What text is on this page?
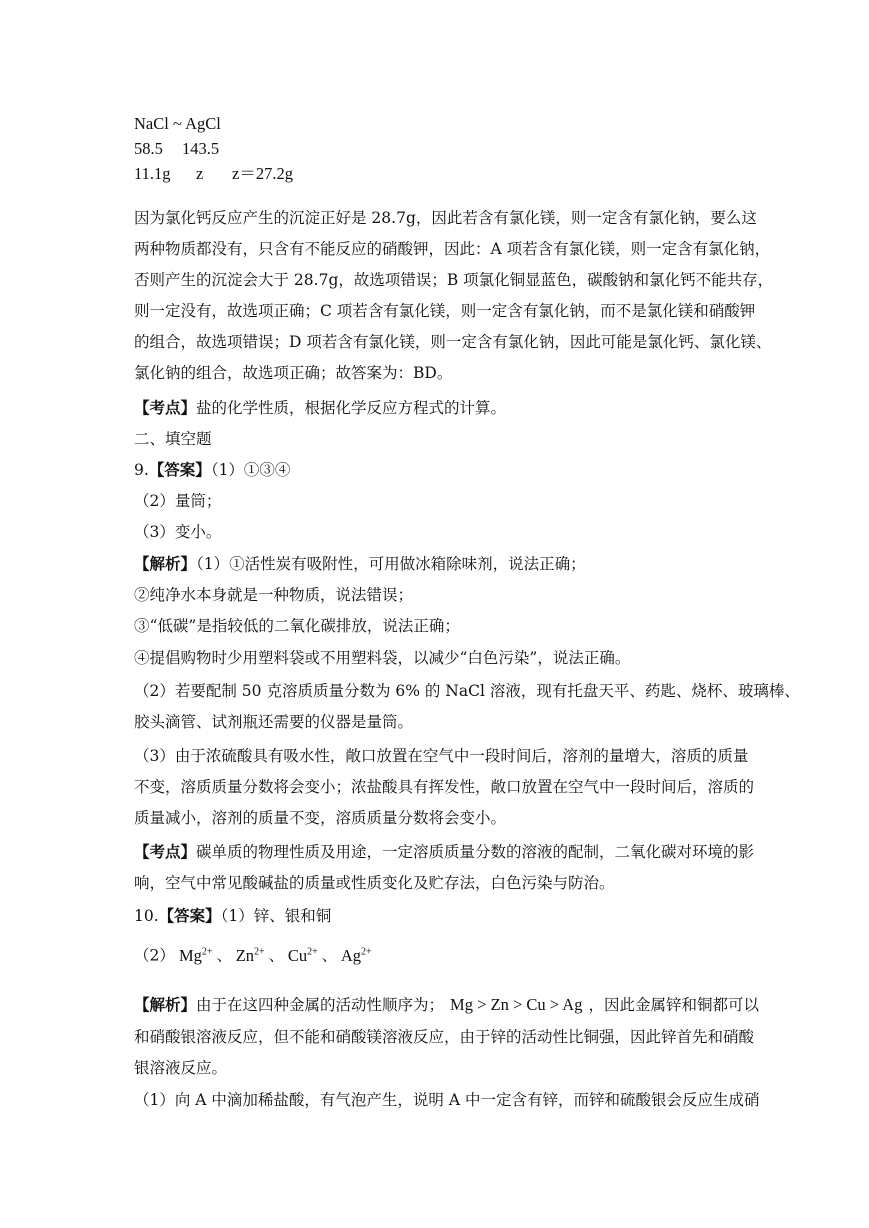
NaCl ~ AgCl
58.5 143.5
11.1g z z＝27.2g
因为氯化钙反应产生的沉淀正好是 28.7g，因此若含有氯化镁，则一定含有氯化钠，要么这
两种物质都没有，只含有不能反应的硝酸钾，因此：A 项若含有氯化镁，则一定含有氯化钠，
否则产生的沉淀会大于 28.7g，故选项错误；B 项氯化铜显蓝色，碳酸钠和氯化钙不能共存，
则一定没有，故选项正确；C 项若含有氯化镁，则一定含有氯化钠，而不是氯化镁和硝酸钾
的组合，故选项错误；D 项若含有氯化镁，则一定含有氯化钠，因此可能是氯化钙、氯化镁、
氯化钠的组合，故选项正确；故答案为：BD。
【考点】盐的化学性质，根据化学反应方程式的计算。
二、填空题
9.【答案】（1）①③④
（2）量筒；
（3）变小。
【解析】（1）①活性炭有吸附性，可用做冰箱除味剂，说法正确；
②纯净水本身就是一种物质，说法错误；
③“低碳”是指较低的二氧化碳排放，说法正确；
④提倡购物时少用塑料袋或不用塑料袋，以减少“白色污染”，说法正确。
（2）若要配制 50 克溶质质量分数为 6% 的 NaCl 溶液，现有托盘天平、药匙、烧杯、玻璃棒、
胶头滴管、试剂瓶还需要的仪器是量筒。
（3）由于浓硫酸具有吸水性，敞口放置在空气中一段时间后，溶剂的量增大，溶质的质量
不变，溶质质量分数将会变小；浓盐酸具有挥发性，敞口放置在空气中一段时间后，溶质的
质量减小，溶剂的质量不变，溶质质量分数将会变小。
【考点】碳单质的物理性质及用途，一定溶质质量分数的溶液的配制，二氧化碳对环境的影
响，空气中常见酸碱盐的质量或性质变化及贮存法，白色污染与防治。
10.【答案】（1）锌、银和铜
（2） $Mg^{2+}$ 、 $Zn^{2+}$ 、 $Cu^{2+}$ 、 $Ag^{2+}$
【解析】由于在这四种金属的活动性顺序为； Mg > Zn > Cu > Ag ，因此金属锌和铜都可以
和硝酸银溶液反应，但不能和硝酸镁溶液反应，由于锌的活动性比铜强，因此锌首先和硝酸
银溶液反应。
（1）向 A 中滴加稀盐酸，有气泡产生，说明 A 中一定含有锌，而锌和硫酸银会反应生成硝
